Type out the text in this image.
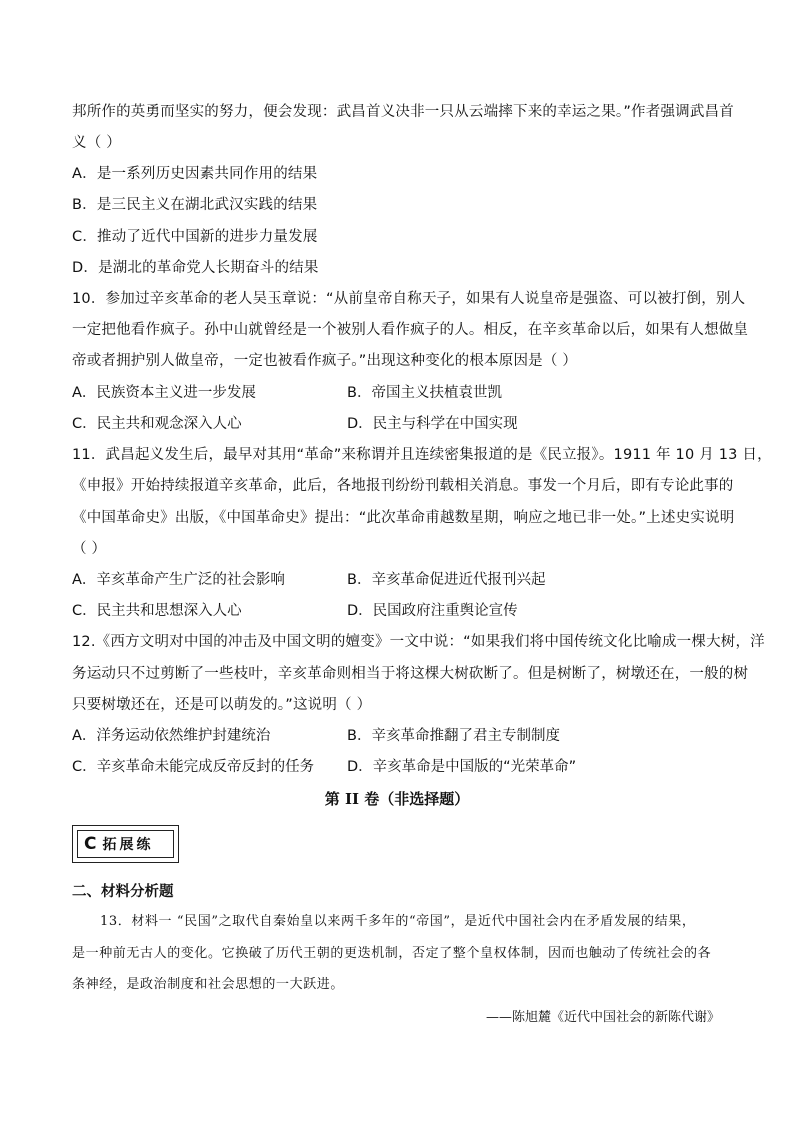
邦所作的英勇而坚实的努力，便会发现：武昌首义决非一只从云端摔下来的幸运之果。”作者强调武昌首
义（ ）
A．是一系列历史因素共同作用的结果
B．是三民主义在湖北武汉实践的结果
C．推动了近代中国新的进步力量发展
D．是湖北的革命党人长期奋斗的结果
10．参加过辛亥革命的老人吴玉章说：“从前皇帝自称天子，如果有人说皇帝是强盗、可以被打倒，别人
一定把他看作疯子。孙中山就曾经是一个被别人看作疯子的人。相反，在辛亥革命以后，如果有人想做皇
帝或者拥护别人做皇帝，一定也被看作疯子。”出现这种变化的根本原因是（ ）
A．民族资本主义进一步发展	B．帝国主义扶植袁世凯
C．民主共和观念深入人心	D．民主与科学在中国实现
11．武昌起义发生后，最早对其用“革命”来称谓并且连续密集报道的是《民立报》。1911 年 10 月 13 日，
《申报》开始持续报道辛亥革命，此后，各地报刊纷纷刊载相关消息。事发一个月后，即有专论此事的
《中国革命史》出版，《中国革命史》提出：“此次革命甫越数星期，响应之地已非一处。”上述史实说明
（ ）
A．辛亥革命产生广泛的社会影响	B．辛亥革命促进近代报刊兴起
C．民主共和思想深入人心	D．民国政府注重舆论宣传
12.《西方文明对中国的冲击及中国文明的嬗变》一文中说：“如果我们将中国传统文化比喻成一棵大树，洋
务运动只不过剪断了一些枝叶，辛亥革命则相当于将这棵大树砍断了。但是树断了，树墩还在，一般的树
只要树墩还在，还是可以萌发的。”这说明（ ）
A．洋务运动依然维护封建统治	B．辛亥革命推翻了君主专制制度
C．辛亥革命未能完成反帝反封的任务 D．辛亥革命是中国版的“光荣革命”
第 II 卷（非选择题）
C 拓展练
二、材料分析题
13．材料一 “民国”之取代自秦始皇以来两千多年的“帝国”，是近代中国社会内在矛盾发展的结果，
是一种前无古人的变化。它换破了历代王朝的更迭机制，否定了整个皇权体制，因而也触动了传统社会的各
条神经，是政治制度和社会思想的一大跃进。
——陈旭麓《近代中国社会的新陈代谢》
